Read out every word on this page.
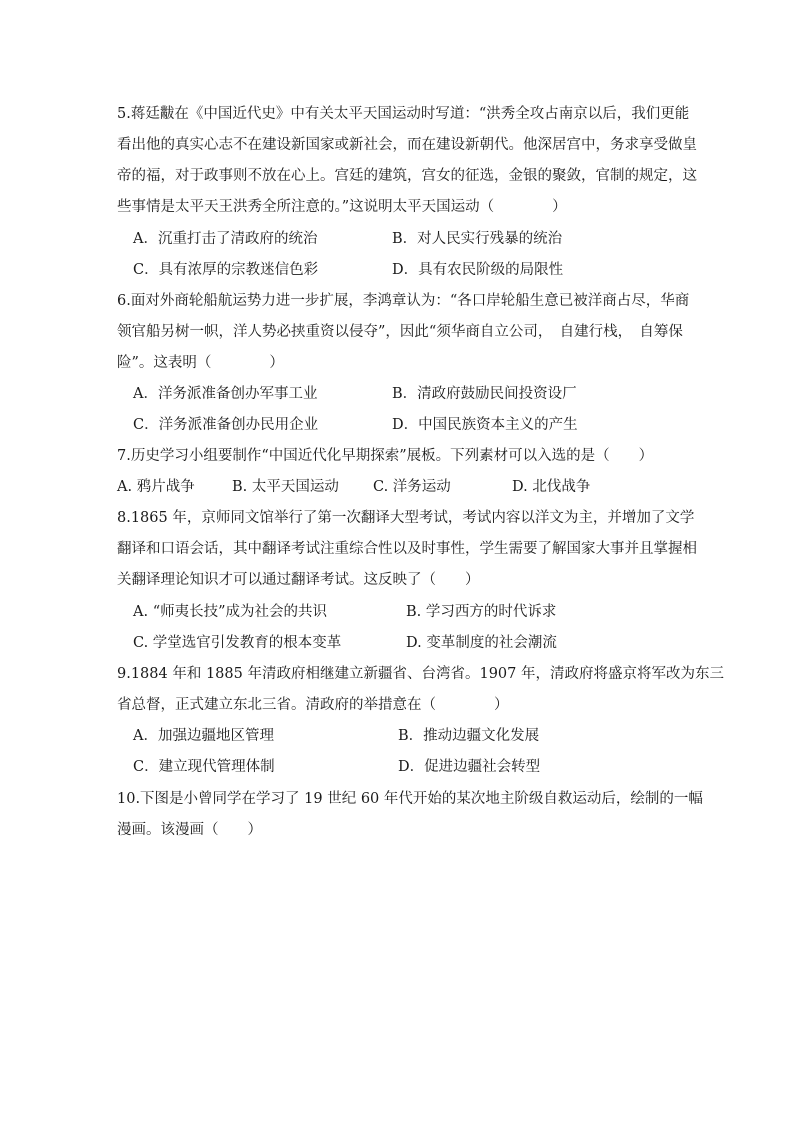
5.蒋廷黻在《中国近代史》中有关太平天国运动时写道：“洪秀全攻占南京以后，我们更能
看出他的真实心志不在建设新国家或新社会，而在建设新朝代。他深居宫中，务求享受做皇
帝的福，对于政事则不放在心上。宫廷的建筑，宫女的征选，金银的聚敛，官制的规定，这
些事情是太平天王洪秀全所注意的。”这说明太平天国运动（　　　　）
A．沉重打击了清政府的统治	B．对人民实行残暴的统治
C．具有浓厚的宗教迷信色彩	D．具有农民阶级的局限性
6.面对外商轮船航运势力进一步扩展，李鸿章认为：“各口岸轮船生意已被洋商占尽，华商
领官船另树一帜，洋人势必挟重资以侵夺”，因此“须华商自立公司，　自建行栈，　自筹保
险”。这表明（　　　　）
A．洋务派准备创办军事工业	B．清政府鼓励民间投资设厂
C．洋务派准备创办民用企业	D．中国民族资本主义的产生
7.历史学习小组要制作“中国近代化早期探索”展板。下列素材可以入选的是（　　）
A. 鸦片战争	B. 太平天国运动 C. 洋务运动	D. 北伐战争
8.1865 年，京师同文馆举行了第一次翻译大型考试，考试内容以洋文为主，并增加了文学
翻译和口语会话，其中翻译考试注重综合性以及时事性，学生需要了解国家大事并且掌握相
关翻译理论知识才可以通过翻译考试。这反映了（　　）
A. “师夷长技”成为社会的共识	B. 学习西方的时代诉求
C. 学堂选官引发教育的根本变革	D. 变革制度的社会潮流
9.1884 年和 1885 年清政府相继建立新疆省、台湾省。1907 年，清政府将盛京将军改为东三
省总督，正式建立东北三省。清政府的举措意在（　　　　）
A．加强边疆地区管理	B．推动边疆文化发展
C．建立现代管理体制	D．促进边疆社会转型
10.下图是小曾同学在学习了 19 世纪 60 年代开始的某次地主阶级自救运动后，绘制的一幅
漫画。该漫画（　　）
